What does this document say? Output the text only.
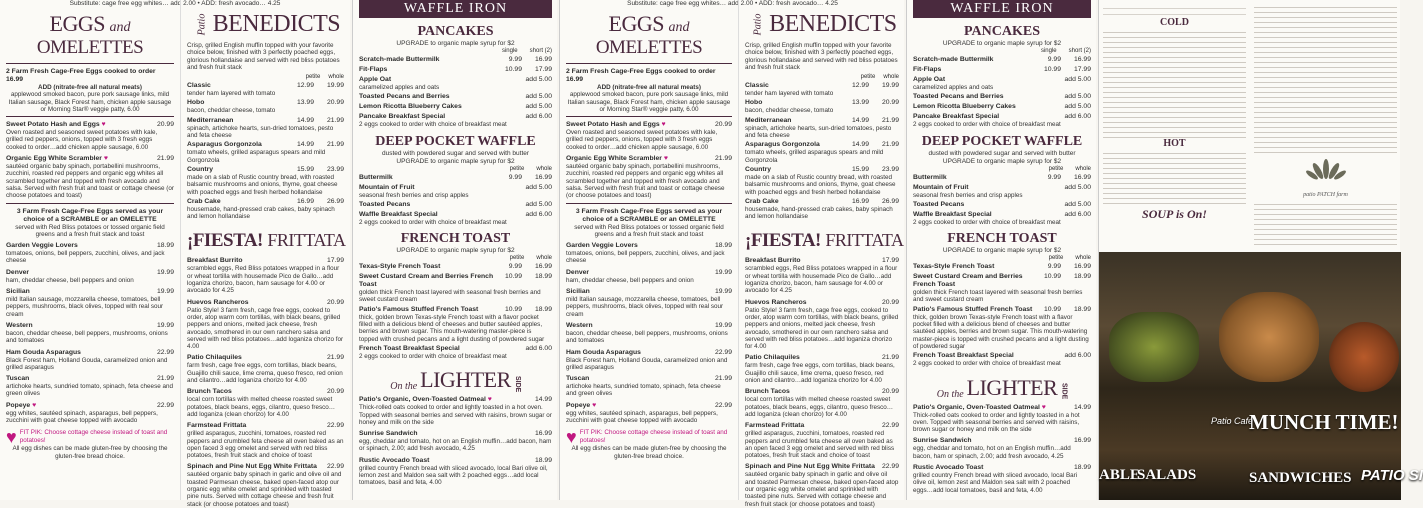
Substitute: cage free egg whites… add 2.00 • ADD: fresh avocado… 4.25
EGGS and
OMELETTES
2 Farm Fresh Cage-Free Eggs cooked to order 16.99
ADD (nitrate-free all natural meats)
applewood smoked bacon, pure pork sausage links, mild Italian sausage, Black Forest ham, chicken apple sausage or Morning Star® veggie patty, 6.00
Sweet Potato Hash and Eggs ♥	20.99
Oven roasted and seasoned sweet potatoes with kale, grilled red peppers, onions, topped with 3 fresh eggs cooked to order…add chicken apple sausage, 6.00
Organic Egg White Scrambler ♥	21.99
sautéed organic baby spinach, portabellini mushrooms, zucchini, roasted red peppers and organic egg whites all scrambled together and topped with fresh avocado and salsa. Served with fresh fruit and toast or cottage cheese (or choose potatoes and toast)
3 Farm Fresh Cage-Free Eggs served as your choice of a SCRAMBLE or an OMELETTE
served with Red Bliss potatoes or tossed organic field greens and a fresh fruit stack and toast
Garden Veggie Lovers	18.99
tomatoes, onions, bell peppers, zucchini, olives, and jack cheese
Denver	19.99
ham, cheddar cheese, bell peppers and onion
Sicilian	19.99
mild Italian sausage, mozzarella cheese, tomatoes, bell peppers, mushrooms, black olives, topped with real sour cream
Western	19.99
bacon, cheddar cheese, bell peppers, mushrooms, onions and tomatoes
Ham Gouda Asparagus	22.99
Black Forest ham, Holland Gouda, caramelized onion and grilled asparagus
Tuscan	21.99
artichoke hearts, sundried tomato, spinach, feta cheese and green olives
Popeye ♥	22.99
egg whites, sautéed spinach, asparagus, bell peppers, zucchini with goat cheese topped with avocado
♥ FIT PIK: Choose cottage cheese instead of toast and potatoes!
All egg dishes can be made gluten-free by choosing the gluten-free bread choice.
Patio BENEDICTS
Crisp, grilled English muffin topped with your favorite choice below, finished with 3 perfectly poached eggs, glorious hollandaise and served with red bliss potatoes and fresh fruit stack
petite whole
Classic	12.99 19.99
tender ham layered with tomato
Hobo	13.99 20.99
bacon, cheddar cheese, tomato
Mediterranean	14.99 21.99
spinach, artichoke hearts, sun-dried tomatoes, pesto and feta cheese
Asparagus Gorgonzola	14.99 21.99
tomato wheels, grilled asparagus spears and mild Gorgonzola
Country	15.99 23.99
made on a slab of Rustic country bread, with roasted balsamic mushrooms and onions, thyme, goat cheese with poached eggs and fresh herbed hollandaise
Crab Cake	16.99 26.99
housemade, hand-pressed crab cakes, baby spinach and lemon hollandaise
¡FIESTA! FRITTATA
Breakfast Burrito	17.99
scrambled eggs, Red Bliss potatoes wrapped in a flour or wheat tortilla with housemade Pico de Gallo…add loganiza chorizo, bacon, ham sausage for 4.00 or avocado for 4.25
Huevos Rancheros	20.99
Patio Style! 3 farm fresh, cage free eggs, cooked to order, atop warm corn tortillas, with black beans, grilled peppers and onions, melted jack cheese, fresh avocado, smothered in our own ranchero salsa and served with red bliss potatoes…add loganiza chorizo for 4.00
Patio Chilaquiles	21.99
farm fresh, cage free eggs, corn tortillas, black beans, Guajillo chili sauce, lime crema, queso fresco, red onion and cilantro…add loganiza chorizo for 4.00
Brunch Tacos	20.99
local corn tortillas with melted cheese roasted sweet potatoes, black beans, eggs, cilantro, queso fresco…add loganiza (clean chorizo) for 4.00
Farmstead Frittata	22.99
grilled asparagus, zucchini, tomatoes, roasted red peppers and crumbled feta cheese all oven baked as an open faced 3 egg omelet and served with red bliss potatoes, fresh fruit stack and choice of toast
Spinach and Pine Nut Egg White Frittata 22.99
sautéed organic baby spinach in garlic and olive oil and toasted Parmesan cheese, baked open-faced atop our organic egg white omelet and sprinkled with toasted pine nuts. Served with cottage cheese and fresh fruit stack (or choose potatoes and toast)
WAFFLE IRON
PANCAKES
UPGRADE to organic maple syrup for $2
single short (2)
Scratch-made Buttermilk	9.99 16.99
Fit-Flaps	10.99 17.99
Apple Oat	add 5.00
caramelized apples and oats
Toasted Pecans and Berries	add 5.00
Lemon Ricotta Blueberry Cakes	add 5.00
Pancake Breakfast Special	add 6.00
2 eggs cooked to order with choice of breakfast meat
DEEP POCKET WAFFLE
dusted with powdered sugar and served with butter
UPGRADE to organic maple syrup for $2
petite whole
Buttermilk	9.99 16.99
Mountain of Fruit	add 5.00
seasonal fresh berries and crisp apples
Toasted Pecans	add 5.00
Waffle Breakfast Special	add 6.00
2 eggs cooked to order with choice of breakfast meat
FRENCH TOAST
UPGRADE to organic maple syrup for $2
petite whole
Texas-Style French Toast	9.99 16.99
Sweet Custard Cream and Berries French Toast
10.99 18.99
golden thick French toast layered with seasonal fresh berries and sweet custard cream
Patio's Famous Stuffed French Toast	10.99 18.99
thick, golden brown Texas-style French toast with a flavor pocket filled with a delicious blend of cheeses and butter sautéed apples, berries and brown sugar. This mouth-watering master-piece is topped with crushed pecans and a light dusting of powdered sugar
French Toast Breakfast Special	add 6.00
2 eggs cooked to order with choice of breakfast meat
On the LIGHTER SIDE
Patio's Organic, Oven-Toasted Oatmeal ♥	14.99
Thick-rolled oats cooked to order and lightly toasted in a hot oven. Topped with seasonal berries and served with raisins, brown sugar or honey and milk on the side
Sunrise Sandwich	16.99
egg, cheddar and tomato, hot on an English muffin…add bacon, ham or spinach, 2.00; add fresh avocado, 4.25
Rustic Avocado Toast	18.99
grilled country French bread with sliced avocado, local Bari olive oil, lemon zest and Maldon sea salt with 2 poached eggs…add local tomatoes, basil and feta, 4.00
Substitute: cage free egg whites… add 2.00 • ADD: fresh avocado… 4.25
EGGS and
OMELETTES
2 Farm Fresh Cage-Free Eggs cooked to order 16.99
ADD (nitrate-free all natural meats)
applewood smoked bacon, pure pork sausage links, mild Italian sausage, Black Forest ham, chicken apple sausage or Morning Star® veggie patty, 6.00
Sweet Potato Hash and Eggs ♥	20.99
Oven roasted and seasoned sweet potatoes with kale, grilled red peppers, onions, topped with 3 fresh eggs cooked to order…add chicken apple sausage, 6.00
Organic Egg White Scrambler ♥	21.99
sautéed organic baby spinach, portabellini mushrooms, zucchini, roasted red peppers and organic egg whites all scrambled together and topped with fresh avocado and salsa. Served with fresh fruit and toast or cottage cheese (or choose potatoes and toast)
3 Farm Fresh Cage-Free Eggs served as your choice of a SCRAMBLE or an OMELETTE
served with Red Bliss potatoes or tossed organic field greens and a fresh fruit stack and toast
Garden Veggie Lovers	18.99
tomatoes, onions, bell peppers, zucchini, olives, and jack cheese
Denver	19.99
ham, cheddar cheese, bell peppers and onion
Sicilian	19.99
mild Italian sausage, mozzarella cheese, tomatoes, bell peppers, mushrooms, black olives, topped with real sour cream
Western	19.99
bacon, cheddar cheese, bell peppers, mushrooms, onions and tomatoes
Ham Gouda Asparagus	22.99
Black Forest ham, Holland Gouda, caramelized onion and grilled asparagus
Tuscan	21.99
artichoke hearts, sundried tomato, spinach, feta cheese and green olives
Popeye ♥	22.99
egg whites, sautéed spinach, asparagus, bell peppers, zucchini with goat cheese topped with avocado
♥ FIT PIK: Choose cottage cheese instead of toast and potatoes!
All egg dishes can be made gluten-free by choosing the gluten-free bread choice.
Patio BENEDICTS
Crisp, grilled English muffin topped with your favorite choice below, finished with 3 perfectly poached eggs, glorious hollandaise and served with red bliss potatoes and fresh fruit stack
petite whole
Classic	12.99 19.99
tender ham layered with tomato
Hobo	13.99 20.99
bacon, cheddar cheese, tomato
Mediterranean	14.99 21.99
spinach, artichoke hearts, sun-dried tomatoes, pesto and feta cheese
Asparagus Gorgonzola	14.99 21.99
tomato wheels, grilled asparagus spears and mild Gorgonzola
Country	15.99 23.99
made on a slab of Rustic country bread, with roasted balsamic mushrooms and onions, thyme, goat cheese with poached eggs and fresh herbed hollandaise
Crab Cake	16.99 26.99
housemade, hand-pressed crab cakes, baby spinach and lemon hollandaise
¡FIESTA! FRITTATA
Breakfast Burrito	17.99
scrambled eggs, Red Bliss potatoes wrapped in a flour or wheat tortilla with housemade Pico de Gallo…add loganiza chorizo, bacon, ham sausage for 4.00 or avocado for 4.25
Huevos Rancheros	20.99
Patio Style! 3 farm fresh, cage free eggs, cooked to order, atop warm corn tortillas, with black beans, grilled peppers and onions, melted jack cheese, fresh avocado, smothered in our own ranchero salsa and served with red bliss potatoes…add loganiza chorizo for 4.00
Patio Chilaquiles	21.99
farm fresh, cage free eggs, corn tortillas, black beans, Guajillo chili sauce, lime crema, queso fresco, red onion and cilantro…add loganiza chorizo for 4.00
Brunch Tacos	20.99
local corn tortillas with melted cheese roasted sweet potatoes, black beans, eggs, cilantro, queso fresco…add loganiza (clean chorizo) for 4.00
Farmstead Frittata	22.99
grilled asparagus, zucchini, tomatoes, roasted red peppers and crumbled feta cheese all oven baked as an open faced 3 egg omelet and served with red bliss potatoes, fresh fruit stack and choice of toast
Spinach and Pine Nut Egg White Frittata 22.99
sautéed organic baby spinach in garlic and olive oil and toasted Parmesan cheese, baked open-faced atop our organic egg white omelet and sprinkled with toasted pine nuts. Served with cottage cheese and fresh fruit stack (or choose potatoes and toast)
WAFFLE IRON
PANCAKES
UPGRADE to organic maple syrup for $2
single short (2)
Scratch-made Buttermilk	9.99 16.99
Fit-Flaps	10.99 17.99
Apple Oat	add 5.00
caramelized apples and oats
Toasted Pecans and Berries	add 5.00
Lemon Ricotta Blueberry Cakes	add 5.00
Pancake Breakfast Special	add 6.00
2 eggs cooked to order with choice of breakfast meat
DEEP POCKET WAFFLE
dusted with powdered sugar and served with butter
UPGRADE to organic maple syrup for $2
petite whole
Buttermilk	9.99 16.99
Mountain of Fruit	add 5.00
seasonal fresh berries and crisp apples
Toasted Pecans	add 5.00
Waffle Breakfast Special	add 6.00
2 eggs cooked to order with choice of breakfast meat
FRENCH TOAST
UPGRADE to organic maple syrup for $2
petite whole
Texas-Style French Toast	9.99 16.99
Sweet Custard Cream and Berries French Toast
10.99 18.99
golden thick French toast layered with seasonal fresh berries and sweet custard cream
Patio's Famous Stuffed French Toast	10.99 18.99
thick, golden brown Texas-style French toast with a flavor pocket filled with a delicious blend of cheeses and butter sautéed apples, berries and brown sugar. This mouth-watering master-piece is topped with crushed pecans and a light dusting of powdered sugar
French Toast Breakfast Special	add 6.00
2 eggs cooked to order with choice of breakfast meat
On the LIGHTER SIDE
Patio's Organic, Oven-Toasted Oatmeal ♥	14.99
Thick-rolled oats cooked to order and lightly toasted in a hot oven. Topped with seasonal berries and served with raisins, brown sugar or honey and milk on the side
Sunrise Sandwich	16.99
egg, cheddar and tomato, hot on an English muffin…add bacon, ham or spinach, 2.00; add fresh avocado, 4.25
Rustic Avocado Toast	18.99
grilled country French bread with sliced avocado, local Bari olive oil, lemon zest and Maldon sea salt with 2 poached eggs…add local tomatoes, basil and feta, 4.00
COLD
HOT
SOUP is On!
patio PATCH farm
Patio Café
MUNCH TIME!
ABLE
SALADS	SANDWICHES PATIO SI
